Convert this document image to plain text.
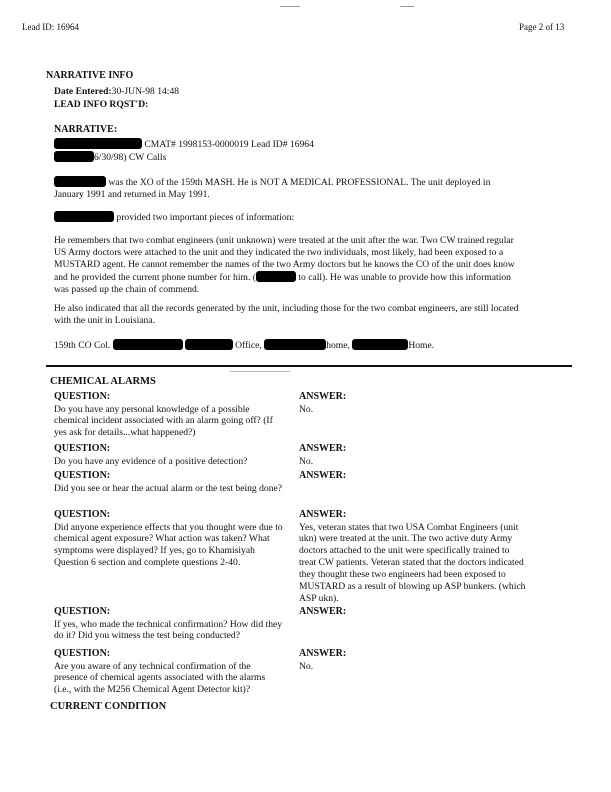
Lead ID: 16964	Page 2 of 13
NARRATIVE INFO
Date Entered:30-JUN-98 14:48
LEAD INFO RQST'D:
NARRATIVE:
CMAT# 1998153-0000019 Lead ID# 16964
6/30/98) CW Calls

was the XO of the 159th MASH. He is NOT A MEDICAL PROFESSIONAL. The unit deployed in January 1991 and returned in May 1991.

provided two important pieces of information:

He remembers that two combat engineers (unit unknown) were treated at the unit after the war. Two CW trained regular US Army doctors were attached to the unit and they indicated the two individuals, most likely, had been exposed to a MUSTARD agent. He cannot remember the names of the two Army doctors but he knows the CO of the unit does know and he provided the current phone number for him. (	to call). He was unable to provide how this information was passed up the chain of commend.

He also indicated that all the records generated by the unit, including those for the two combat engineers, are still located with the unit in Louisiana.

159th CO Col.	Office,	home,	Home.
CHEMICAL ALARMS
QUESTION:
Do you have any personal knowledge of a possible chemical incident associated with an alarm going off? (If yes ask for details...what happened?)
ANSWER:
No.
QUESTION:
Do you have any evidence of a positive detection?
ANSWER:
No.
QUESTION:
Did you see or hear the actual alarm or the test being done?
ANSWER:
QUESTION:
Did anyone experience effects that you thought were due to chemical agent exposure? What action was taken? What symptoms were displayed? If yes, go to Khamisiyah Question 6 section and complete questions 2-40.
ANSWER:
Yes, veteran states that two USA Combat Engineers (unit ukn) were treated at the unit. The two active duty Army doctors attached to the unit were specifically trained to treat CW patients. Veteran stated that the doctors indicated they thought these two engineers had been exposed to MUSTARD as a result of blowing up ASP bunkers. (which ASP ukn).
QUESTION:
If yes, who made the technical confirmation? How did they do it? Did you witness the test being conducted?
ANSWER:
QUESTION:
Are you aware of any technical confirmation of the presence of chemical agents associated with the alarms (i.e., with the M256 Chemical Agent Detector kit)?
ANSWER:
No.
CURRENT CONDITION
